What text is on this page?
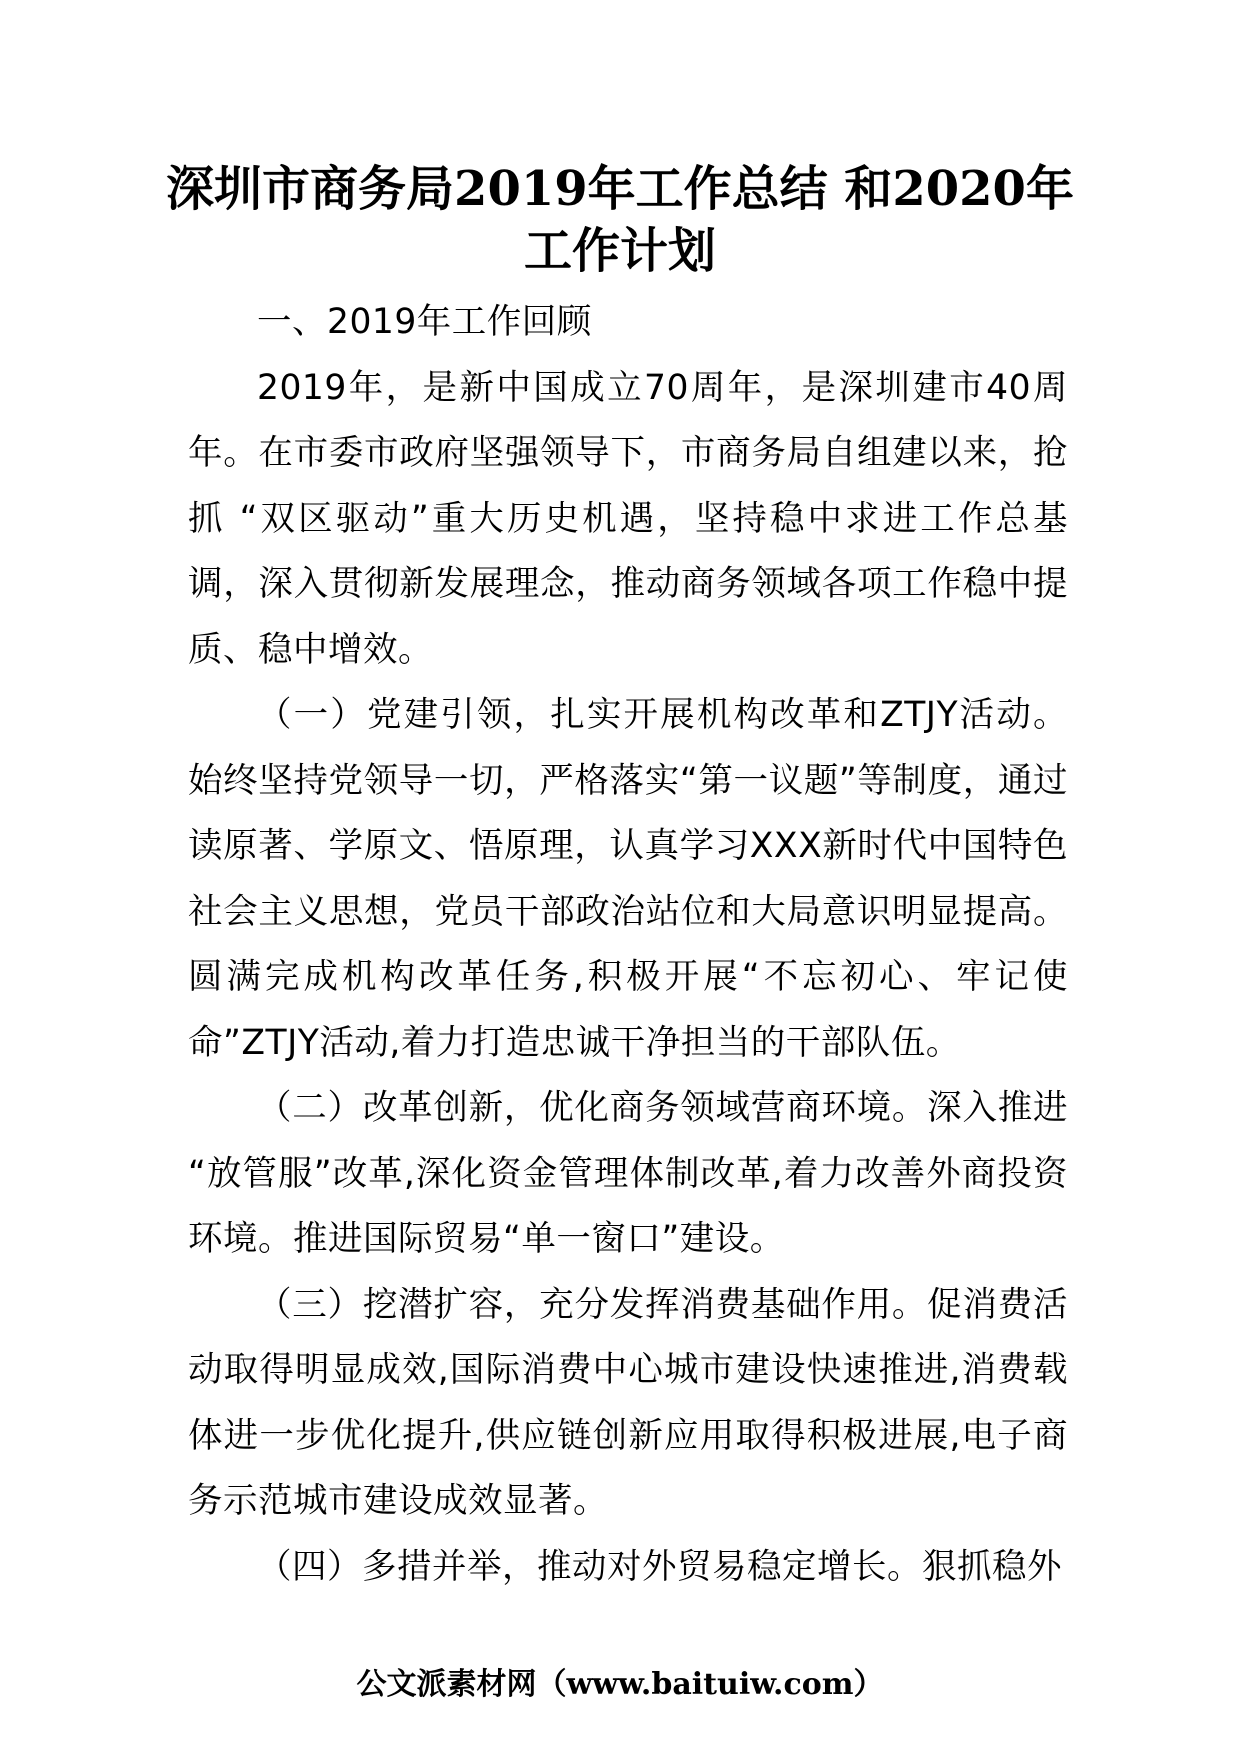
深圳市商务局2019年工作总结 和2020年
工作计划

一、2019年工作回顾

2019年，是新中国成立70周年，是深圳建市40周年。在市委市政府坚强领导下，市商务局自组建以来，抢抓 “双区驱动”重大历史机遇，坚持稳中求进工作总基调，深入贯彻新发展理念，推动商务领域各项工作稳中提质、稳中增效。

（一）党建引领，扎实开展机构改革和ZTJY活动。始终坚持党领导一切，严格落实“第一议题”等制度，通过读原著、学原文、悟原理，认真学习XXX新时代中国特色社会主义思想，党员干部政治站位和大局意识明显提高。圆满完成机构改革任务,积极开展“不忘初心、牢记使命”ZTJY活动,着力打造忠诚干净担当的干部队伍。

（二）改革创新，优化商务领域营商环境。深入推进 “放管服”改革,深化资金管理体制改革,着力改善外商投资环境。推进国际贸易“单一窗口”建设。

（三）挖潜扩容，充分发挥消费基础作用。促消费活动取得明显成效,国际消费中心城市建设快速推进,消费载体进一步优化提升,供应链创新应用取得积极进展,电子商务示范城市建设成效显著。

（四）多措并举，推动对外贸易稳定增长。狠抓稳外

公文派素材网（www.baituiw.com）
